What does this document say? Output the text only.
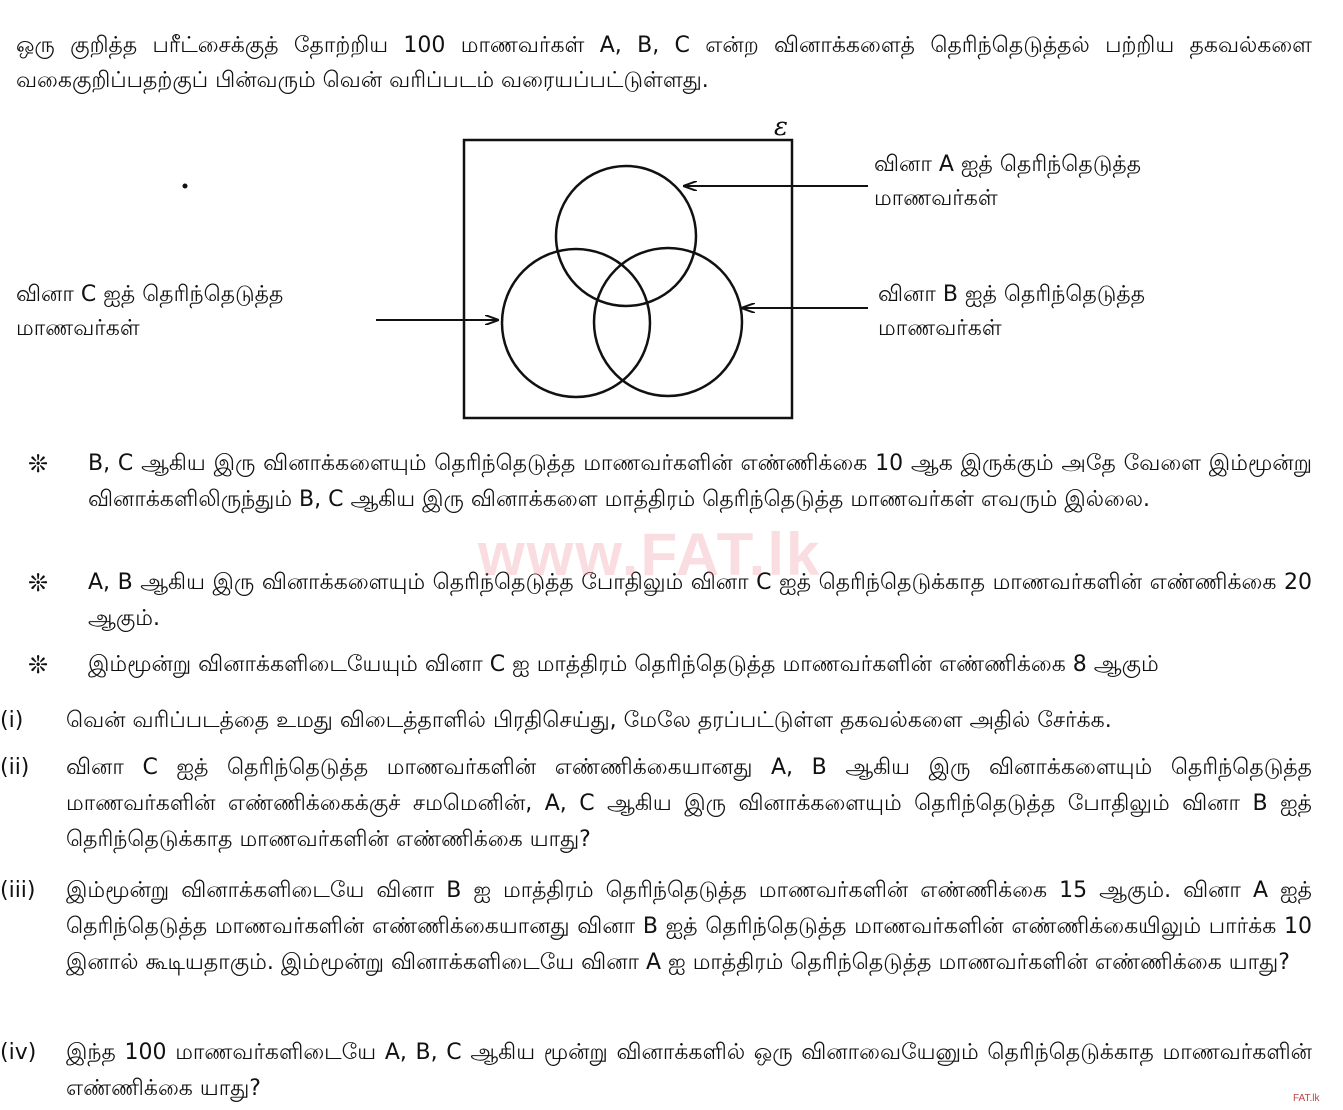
ஒரு குறித்த பரீட்சைக்குத் தோற்றிய 100 மாணவர்கள் A, B, C என்ற வினாக்களைத் தெரிந்தெடுத்தல் பற்றிய தகவல்களை வகைகுறிப்பதற்குப் பின்வரும் வென் வரிப்படம் வரையப்பட்டுள்ளது.
ε
வினா A ஐத் தெரிந்தெடுத்த
மாணவர்கள்
வினா B ஐத் தெரிந்தெடுத்த
மாணவர்கள்
வினா C ஐத் தெரிந்தெடுத்த
மாணவர்கள்
❊	B, C ஆகிய இரு வினாக்களையும் தெரிந்தெடுத்த மாணவர்களின் எண்ணிக்கை 10 ஆக இருக்கும் அதே வேளை இம்மூன்று வினாக்களிலிருந்தும் B, C ஆகிய இரு வினாக்களை மாத்திரம் தெரிந்தெடுத்த மாணவர்கள் எவரும் இல்லை.
❊	A, B ஆகிய இரு வினாக்களையும் தெரிந்தெடுத்த போதிலும் வினா C ஐத் தெரிந்தெடுக்காத மாணவர்களின் எண்ணிக்கை 20 ஆகும்.
❊	இம்மூன்று வினாக்களிடையேயும் வினா C ஐ மாத்திரம் தெரிந்தெடுத்த மாணவர்களின் எண்ணிக்கை 8 ஆகும்
www.FAT.lk
(i)	வென் வரிப்படத்தை உமது விடைத்தாளில் பிரதிசெய்து, மேலே தரப்பட்டுள்ள தகவல்களை அதில் சேர்க்க.
(ii)	வினா C ஐத் தெரிந்தெடுத்த மாணவர்களின் எண்ணிக்கையானது A, B ஆகிய இரு வினாக்களையும் தெரிந்தெடுத்த மாணவர்களின் எண்ணிக்கைக்குச் சமமெனின், A, C ஆகிய இரு வினாக்களையும் தெரிந்தெடுத்த போதிலும் வினா B ஐத் தெரிந்தெடுக்காத மாணவர்களின் எண்ணிக்கை யாது?
(iii)	இம்மூன்று வினாக்களிடையே வினா B ஐ மாத்திரம் தெரிந்தெடுத்த மாணவர்களின் எண்ணிக்கை 15 ஆகும். வினா A ஐத் தெரிந்தெடுத்த மாணவர்களின் எண்ணிக்கையானது வினா B ஐத் தெரிந்தெடுத்த மாணவர்களின் எண்ணிக்கையிலும் பார்க்க 10 இனால் கூடியதாகும். இம்மூன்று வினாக்களிடையே வினா A ஐ மாத்திரம் தெரிந்தெடுத்த மாணவர்களின் எண்ணிக்கை யாது?
(iv)	இந்த 100 மாணவர்களிடையே A, B, C ஆகிய மூன்று வினாக்களில் ஒரு வினாவையேனும் தெரிந்தெடுக்காத மாணவர்களின் எண்ணிக்கை யாது?	FAT.lk
